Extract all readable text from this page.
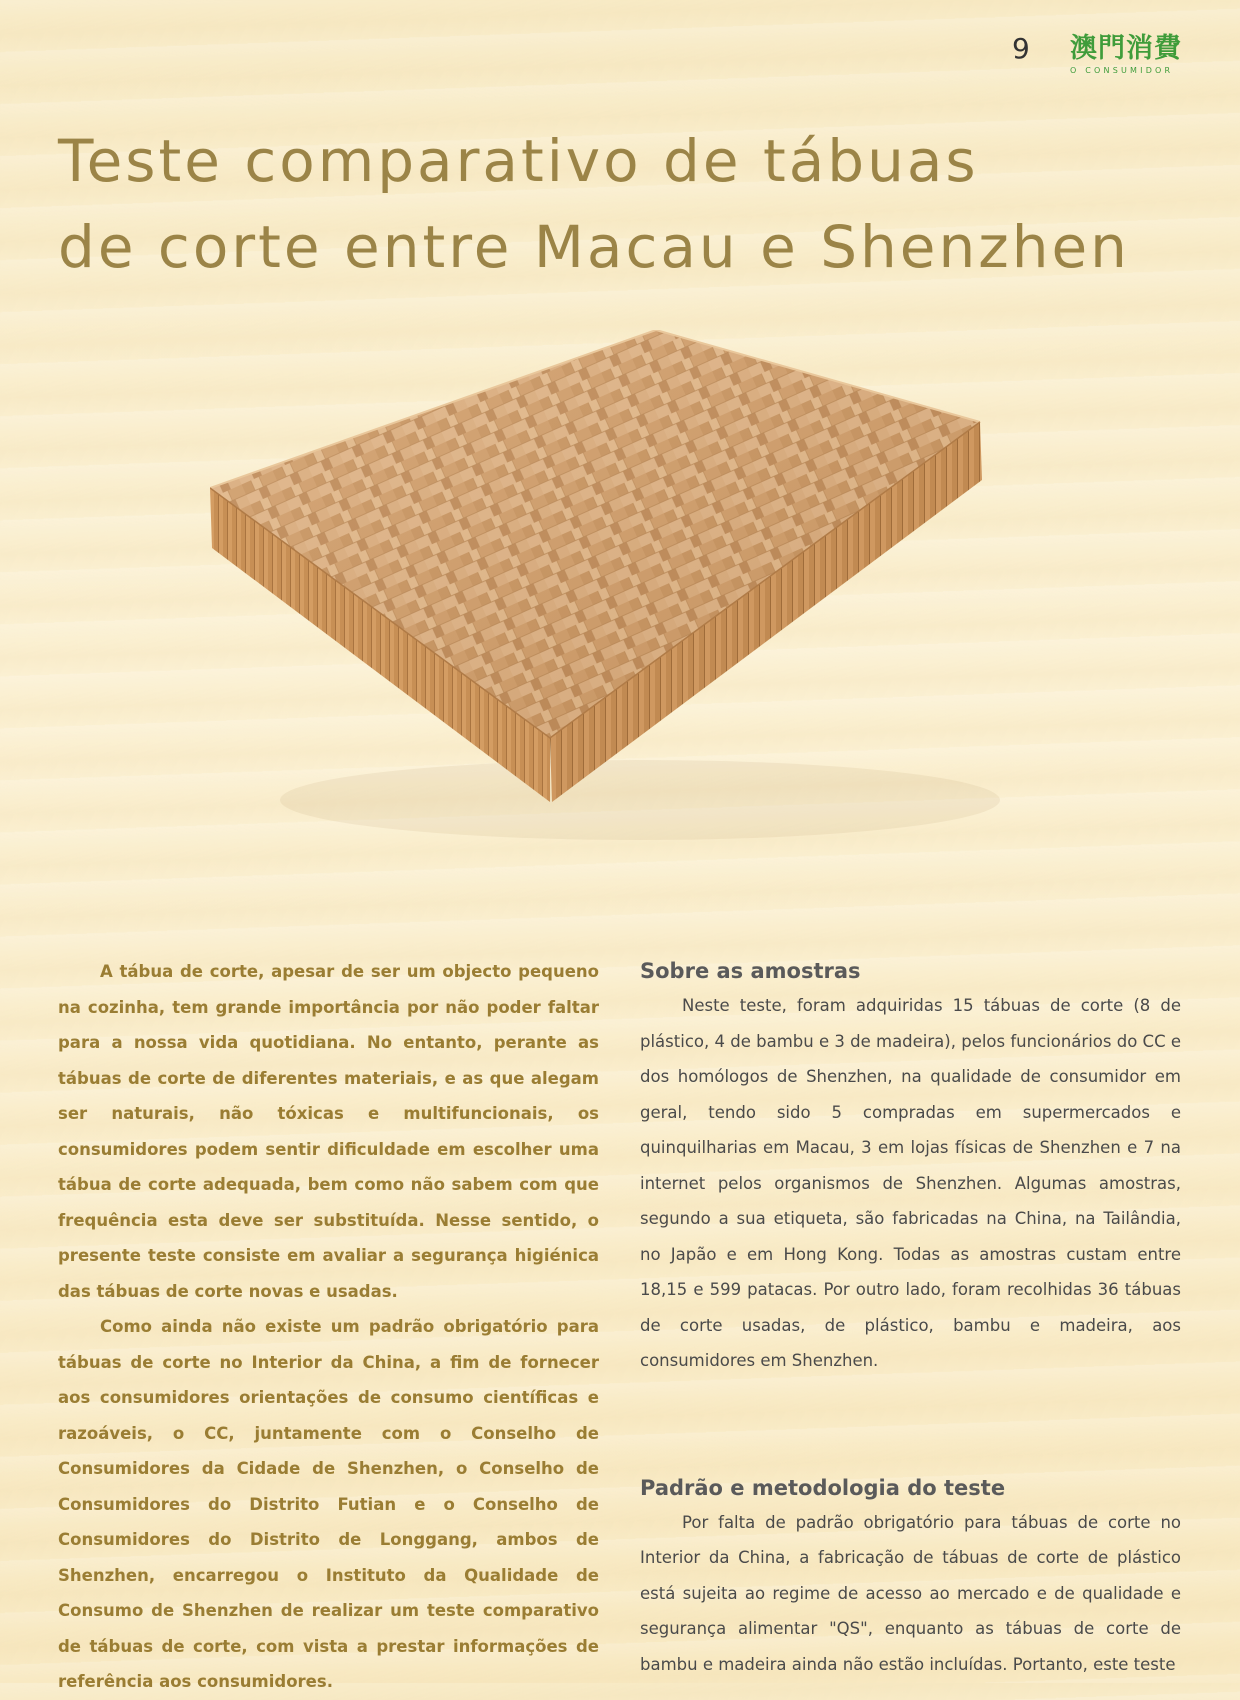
9 澳門消費
O CONSUMIDOR
Teste comparativo de tábuas
de corte entre Macau e Shenzhen

A tábua de corte, apesar de ser um objecto pequeno na cozinha, tem grande importância por não poder faltar para a nossa vida quotidiana. No entanto, perante as tábuas de corte de diferentes materiais, e as que alegam ser naturais, não tóxicas e multifuncionais, os consumidores podem sentir dificuldade em escolher uma tábua de corte adequada, bem como não sabem com que frequência esta deve ser substituída. Nesse sentido, o presente teste consiste em avaliar a segurança higiénica das tábuas de corte novas e usadas.

Como ainda não existe um padrão obrigatório para tábuas de corte no Interior da China, a fim de fornecer aos consumidores orientações de consumo científicas e razoáveis, o CC, juntamente com o Conselho de Consumidores da Cidade de Shenzhen, o Conselho de Consumidores do Distrito Futian e o Conselho de Consumidores do Distrito de Longgang, ambos de Shenzhen, encarregou o Instituto da Qualidade de Consumo de Shenzhen de realizar um teste comparativo de tábuas de corte, com vista a prestar informações de referência aos consumidores.

Sobre as amostras

Neste teste, foram adquiridas 15 tábuas de corte (8 de plástico, 4 de bambu e 3 de madeira), pelos funcionários do CC e dos homólogos de Shenzhen, na qualidade de consumidor em geral, tendo sido 5 compradas em supermercados e quinquilharias em Macau, 3 em lojas físicas de Shenzhen e 7 na internet pelos organismos de Shenzhen. Algumas amostras, segundo a sua etiqueta, são fabricadas na China, na Tailândia, no Japão e em Hong Kong. Todas as amostras custam entre 18,15 e 599 patacas. Por outro lado, foram recolhidas 36 tábuas de corte usadas, de plástico, bambu e madeira, aos consumidores em Shenzhen.

Padrão e metodologia do teste

Por falta de padrão obrigatório para tábuas de corte no Interior da China, a fabricação de tábuas de corte de plástico está sujeita ao regime de acesso ao mercado e de qualidade e segurança alimentar "QS", enquanto as tábuas de corte de bambu e madeira ainda não estão incluídas. Portanto, este teste
